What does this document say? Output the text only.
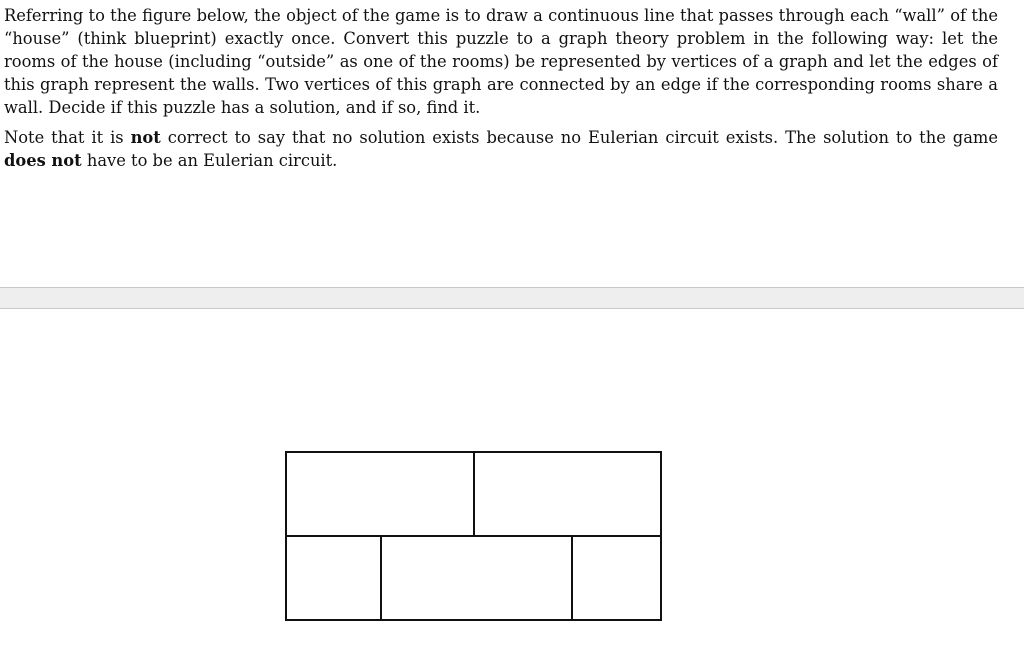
Referring to the figure below, the object of the game is to draw a continuous line that passes through each “wall” of the “house” (think blueprint) exactly once. Convert this puzzle to a graph theory problem in the following way: let the rooms of the house (including “outside” as one of the rooms) be represented by vertices of a graph and let the edges of this graph represent the walls. Two vertices of this graph are connected by an edge if the corresponding rooms share a wall. Decide if this puzzle has a solution, and if so, find it.

Note that it is not correct to say that no solution exists because no Eulerian circuit exists. The solution to the game does not have to be an Eulerian circuit.
